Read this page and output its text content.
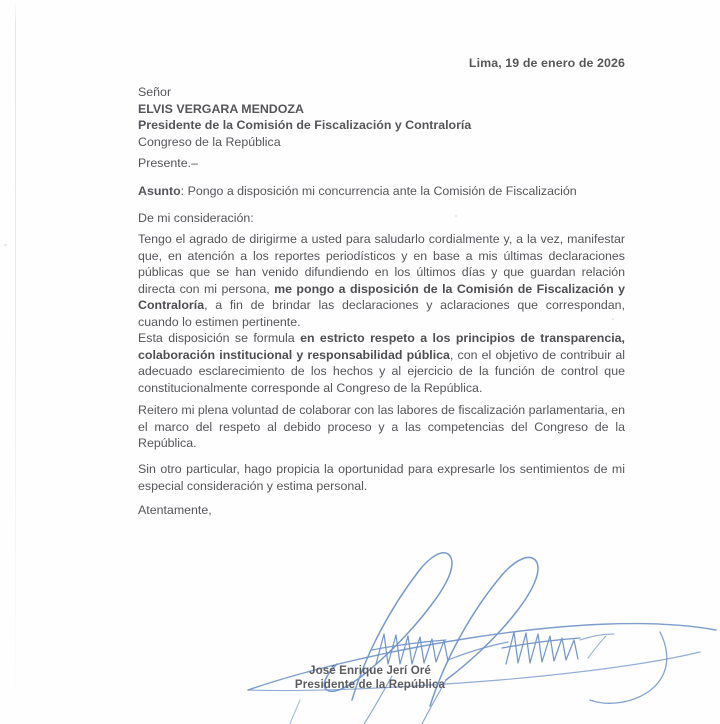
Lima, 19 de enero de 2026
Señor
ELVIS VERGARA MENDOZA
Presidente de la Comisión de Fiscalización y Contraloría
Congreso de la República
Presente.–
Asunto: Pongo a disposición mi concurrencia ante la Comisión de Fiscalización
De mi consideración:
Tengo el agrado de dirigirme a usted para saludarlo cordialmente y, a la vez, manifestar que, en atención a los reportes periodísticos y en base a mis últimas declaraciones públicas que se han venido difundiendo en los últimos días y que guardan relación directa con mi persona, me pongo a disposición de la Comisión de Fiscalización y Contraloría, a fin de brindar las declaraciones y aclaraciones que correspondan, cuando lo estimen pertinente.
Esta disposición se formula en estricto respeto a los principios de transparencia, colaboración institucional y responsabilidad pública, con el objetivo de contribuir al adecuado esclarecimiento de los hechos y al ejercicio de la función de control que constitucionalmente corresponde al Congreso de la República.
Reitero mi plena voluntad de colaborar con las labores de fiscalización parlamentaria, en el marco del respeto al debido proceso y a las competencias del Congreso de la República.
Sin otro particular, hago propicia la oportunidad para expresarle los sentimientos de mi especial consideración y estima personal.
Atentamente,
José Enrique Jerí Oré
Presidente de la República
